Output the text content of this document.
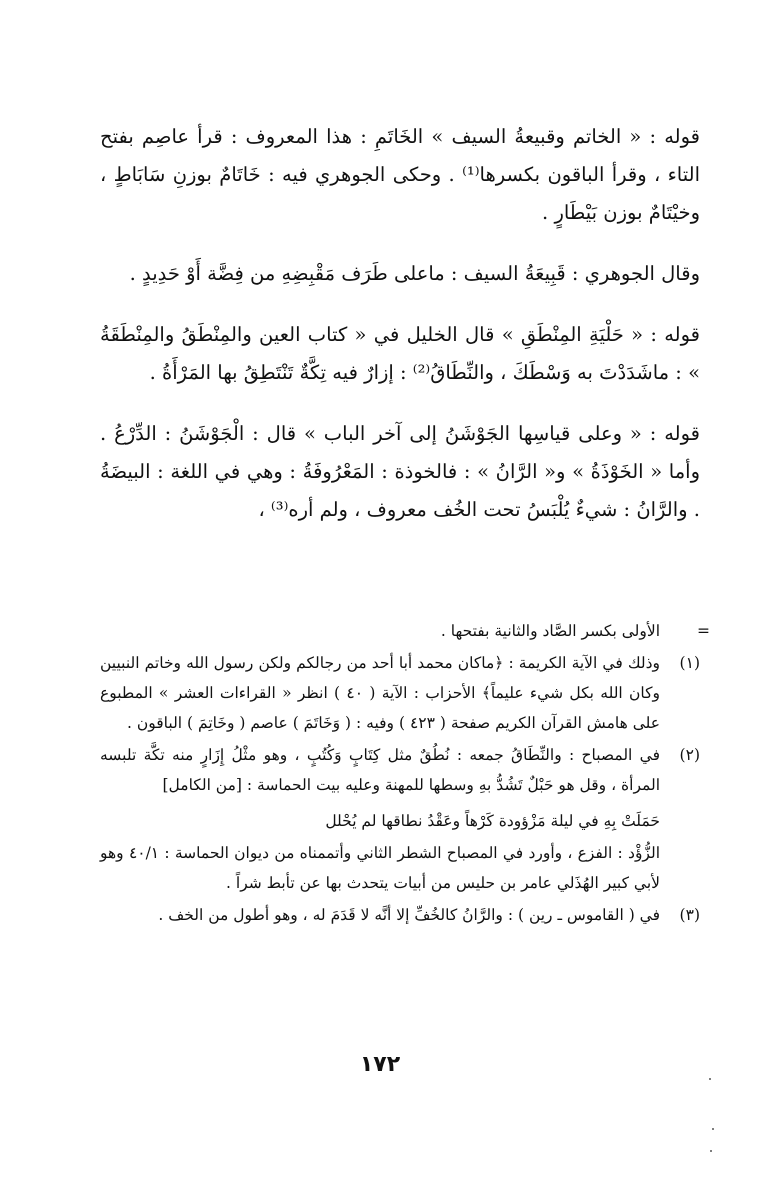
قوله : « الخاتم وقبيعةُ السيف » الخَاتَمِ : هذا المعروف : قرأ عاصِم بفتح التاء ، وقرأ الباقون بكسرها⁽¹⁾ . وحكى الجوهري فيه : خَاتَامٌ بوزنِ سَابَاطٍ ، وخيْتَامٌ بوزن بَيْطَارٍ .

وقال الجوهري : قَبِيعَةُ السيف : ماعلى طَرَف مَقْبِضِهِ من فِضَّة أَوْ حَدِيدٍ .

قوله : « حَلْيَةِ المِنْطَقِ » قال الخليل في « كتاب العين والمِنْطَقُ والمِنْطَقَةُ » : ماشَدَدْتَ به وَسْطَكَ ، والنِّطَاقُ⁽²⁾ : إزارٌ فيه تِكَّةٌ تَنْتَطِقُ بها المَرْأَةُ .

قوله : « وعلى قياسِها الجَوْشَنُ إلى آخر الباب » قال : الْجَوْشَنُ : الدِّرْعُ . وأما « الخَوْذَةُ » و« الرَّانُ » : فالخوذة : المَعْرُوفَةُ : وهي في اللغة : البيضَةُ . والرَّانُ : شيءٌ يُلْبَسُ تحت الخُف معروف ، ولم أره⁽³⁾ ،

=
الأولى بكسر الصَّاد والثانية بفتحها .
(١)
وذلك في الآية الكريمة : ﴿ماكان محمد أبا أحد من رجالكم ولكن رسول الله وخاتم النبيين وكان الله بكل شيء عليماً﴾ الأحزاب : الآية ( ٤٠ ) انظر « القراءات العشر » المطبوع على هامش القرآن الكريم صفحة ( ٤٢٣ ) وفيه : ( وَخَاتَمَ ) عاصم ( وخَاتِمَ ) الباقون .
(٢)
في المصباح : والنِّطَاقُ جمعه : نُطُقٌ مثل كِتَابٍ وَكُتُبٍ ، وهو مثْلُ إِزَارٍ منه تكَّة تلبسه المرأة ، وقل هو حَبْلٌ تَشُدُّ بهِ وسطها للمهنة وعليه بيت الحماسة : [من الكامل]
حَمَلَتْ بِهِ في ليلة مَزْؤودة كَرْهاً وعَقْدُ نطاقها لم يُحْلل
الزُّؤْد : الفزع ، وأورد في المصباح الشطر الثاني وأتممناه من ديوان الحماسة : ٤٠/١ وهو لأبي كبير الهُذَلي عامر بن حليس من أبيات يتحدث بها عن تأبط شراً .
(٣)
في ( القاموس ـ رين ) : والرَّانُ كالخُفِّ إلا أنَّه لا قَدَمَ له ، وهو أطول من الخف .
١٧٢
